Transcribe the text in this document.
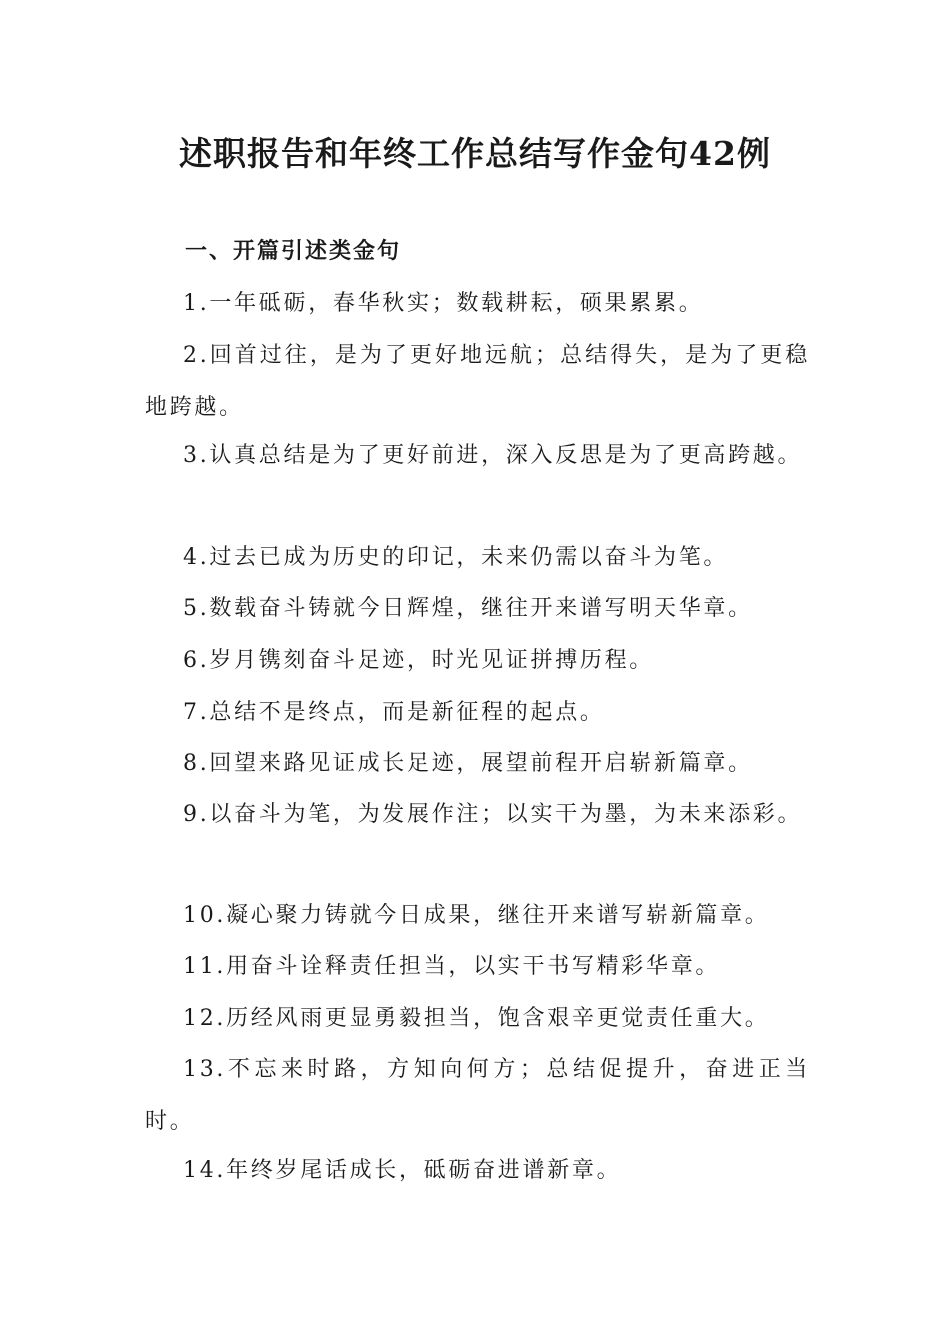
述职报告和年终工作总结写作金句42例
一、开篇引述类金句

1.一年砥砺，春华秋实；数载耕耘，硕果累累。

2.回首过往，是为了更好地远航；总结得失，是为了更稳地跨越。

3.认真总结是为了更好前进，深入反思是为了更高跨越。

4.过去已成为历史的印记，未来仍需以奋斗为笔。

5.数载奋斗铸就今日辉煌，继往开来谱写明天华章。

6.岁月镌刻奋斗足迹，时光见证拼搏历程。

7.总结不是终点，而是新征程的起点。

8.回望来路见证成长足迹，展望前程开启崭新篇章。

9.以奋斗为笔，为发展作注；以实干为墨，为未来添彩。

10.凝心聚力铸就今日成果，继往开来谱写崭新篇章。

11.用奋斗诠释责任担当，以实干书写精彩华章。

12.历经风雨更显勇毅担当，饱含艰辛更觉责任重大。

13.不忘来时路，方知向何方；总结促提升，奋进正当时。

14.年终岁尾话成长，砥砺奋进谱新章。
